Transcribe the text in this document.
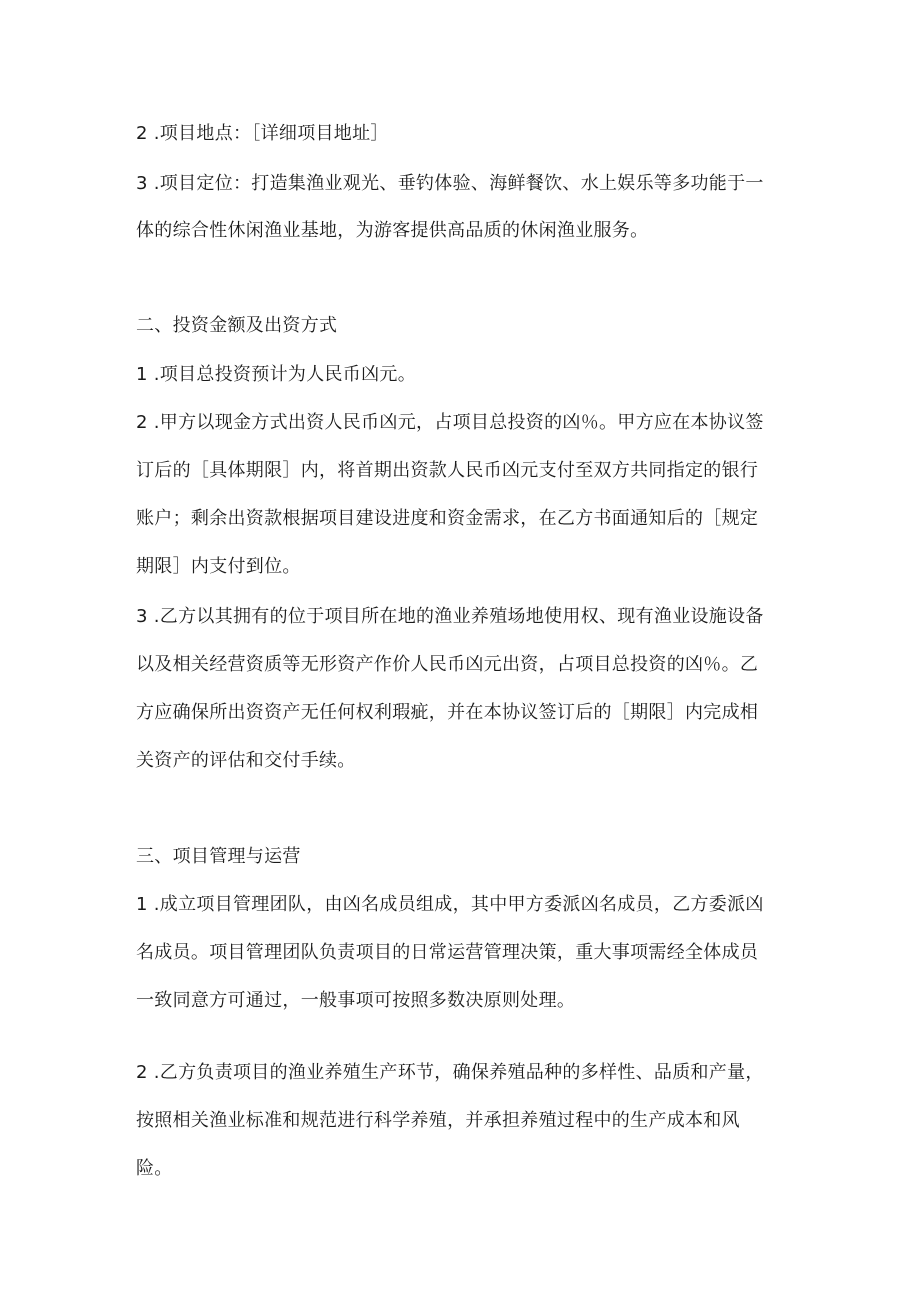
2 .项目地点：［详细项目地址］
3 .项目定位：打造集渔业观光、垂钓体验、海鲜餐饮、水上娱乐等多功能于一
体的综合性休闲渔业基地，为游客提供高品质的休闲渔业服务。
二、投资金额及出资方式
1 .项目总投资预计为人民币凶元。
2 .甲方以现金方式出资人民币凶元，占项目总投资的凶％。甲方应在本协议签
订后的［具体期限］内，将首期出资款人民币凶元支付至双方共同指定的银行
账户；剩余出资款根据项目建设进度和资金需求，在乙方书面通知后的［规定
期限］内支付到位。
3 .乙方以其拥有的位于项目所在地的渔业养殖场地使用权、现有渔业设施设备
以及相关经营资质等无形资产作价人民币凶元出资，占项目总投资的凶％。乙
方应确保所出资资产无任何权利瑕疵，并在本协议签订后的［期限］内完成相
关资产的评估和交付手续。
三、项目管理与运营
1 .成立项目管理团队，由凶名成员组成，其中甲方委派凶名成员，乙方委派凶
名成员。项目管理团队负责项目的日常运营管理决策，重大事项需经全体成员
一致同意方可通过，一般事项可按照多数决原则处理。
2 .乙方负责项目的渔业养殖生产环节，确保养殖品种的多样性、品质和产量，
按照相关渔业标准和规范进行科学养殖，并承担养殖过程中的生产成本和风
险。
